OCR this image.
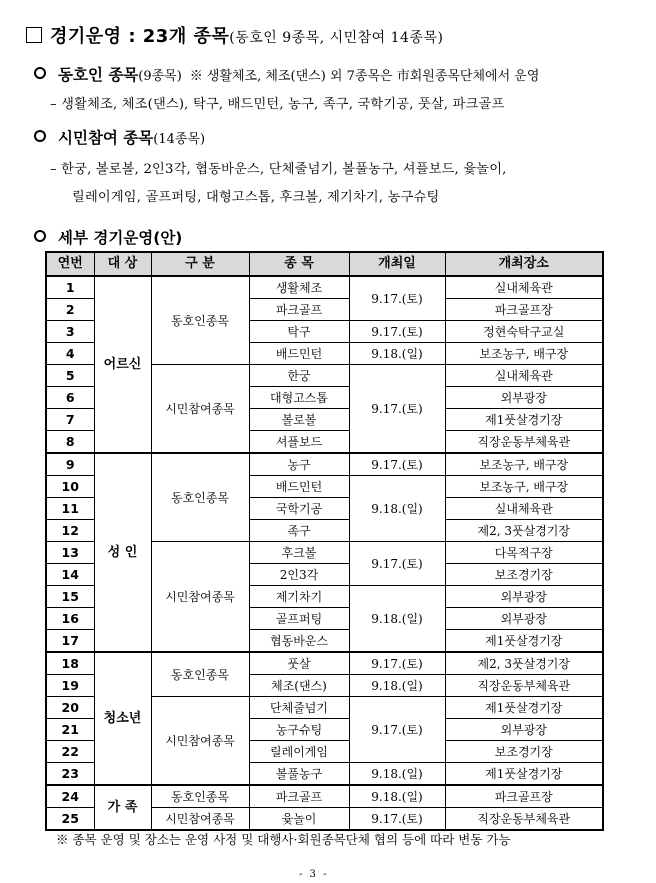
경기운영 : 23개 종목(동호인 9종목, 시민참여 14종목)
동호인 종목(9종목) ※ 생활체조, 체조(댄스) 외 7종목은 市회원종목단체에서 운영
– 생활체조, 체조(댄스), 탁구, 배드민턴, 농구, 족구, 국학기공, 풋살, 파크골프
시민참여 종목(14종목)
– 한궁, 볼로볼, 2인3각, 협동바운스, 단체줄넘기, 볼풀농구, 셔플보드, 윷놀이,
릴레이게임, 골프퍼팅, 대형고스톱, 후크볼, 제기차기, 농구슈팅
세부 경기운영(안)
연번	대 상	구 분	종 목	개최일	개최장소
1	어르신	동호인종목	생활체조	9.17.(토)	실내체육관
2			파크골프		파크골프장
3			탁구	9.17.(토)	정현숙탁구교실
4			배드민턴	9.18.(일)	보조농구, 배구장
5		시민참여종목	한궁	9.17.(토)	실내체육관
6			대형고스톱		외부광장
7			볼로볼		제1풋살경기장
8			셔플보드		직장운동부체육관
9	성 인	동호인종목	농구	9.17.(토)	보조농구, 배구장
10			배드민턴	9.18.(일)	보조농구, 배구장
11			국학기공		실내체육관
12			족구		제2, 3풋살경기장
13		시민참여종목	후크볼	9.17.(토)	다목적구장
14			2인3각		보조경기장
15			제기차기	9.18.(일)	외부광장
16			골프퍼팅		외부광장
17			협동바운스		제1풋살경기장
18	청소년	동호인종목	풋살	9.17.(토)	제2, 3풋살경기장
19			체조(댄스)	9.18.(일)	직장운동부체육관
20		시민참여종목	단체줄넘기	9.17.(토)	제1풋살경기장
21			농구슈팅		외부광장
22			릴레이게임		보조경기장
23			볼풀농구	9.18.(일)	제1풋살경기장
24	가 족	동호인종목	파크골프	9.18.(일)	파크골프장
25		시민참여종목	윷놀이	9.17.(토)	직장운동부체육관
※ 종목 운영 및 장소는 운영 사정 및 대행사·회원종목단체 협의 등에 따라 변동 가능
- 3 -
